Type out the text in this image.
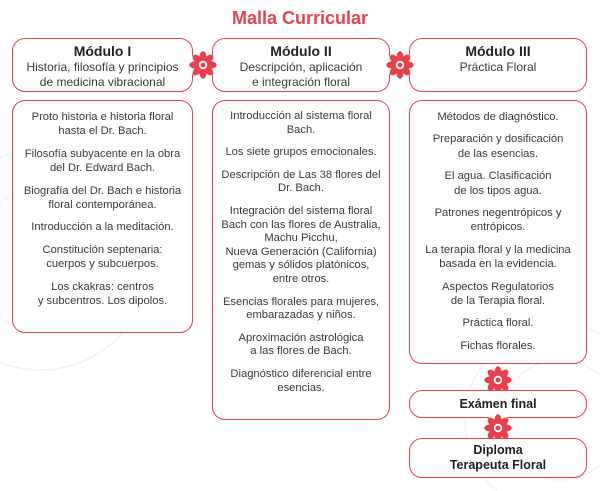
Malla Curricular
Módulo I
Historia, filosofía y principios
de medicina vibracional
Módulo II
Descripción, aplicación
e integración floral
Módulo III
Práctica Floral
Proto historia e historia floral
hasta el Dr. Bach.
Filosofía subyacente en la obra
del Dr. Edward Bach.
Biografía del Dr. Bach e historia
floral contemporánea.
Introducción a la meditación.
Constitución septenaria:
cuerpos y subcuerpos.
Los ckakras: centros
y subcentros. Los dipolos.
Introducción al sistema floral
Bach.
Los siete grupos emocionales.
Descripción de Las 38 flores del
Dr. Bach.
Integración del sistema floral
Bach con las flores de Australia,
Machu Picchu,
Nueva Generación (California)
gemas y sólidos platónicos,
entre otros.
Esencias florales para mujeres,
embarazadas y niños.
Aproximación astrológica
a las flores de Bach.
Diagnóstico diferencial entre
esencias.
Métodos de diagnóstico.
Preparación y dosificación
de las esencias.
El agua. Clasificación
de los tipos agua.
Patrones negentrópicos y
entrópicos.
La terapia floral y la medicina
basada en la evidencia.
Aspectos Regulatorios
de la Terapia floral.
Práctica floral.
Fichas florales.
Exámen final
Diploma
Terapeuta Floral
